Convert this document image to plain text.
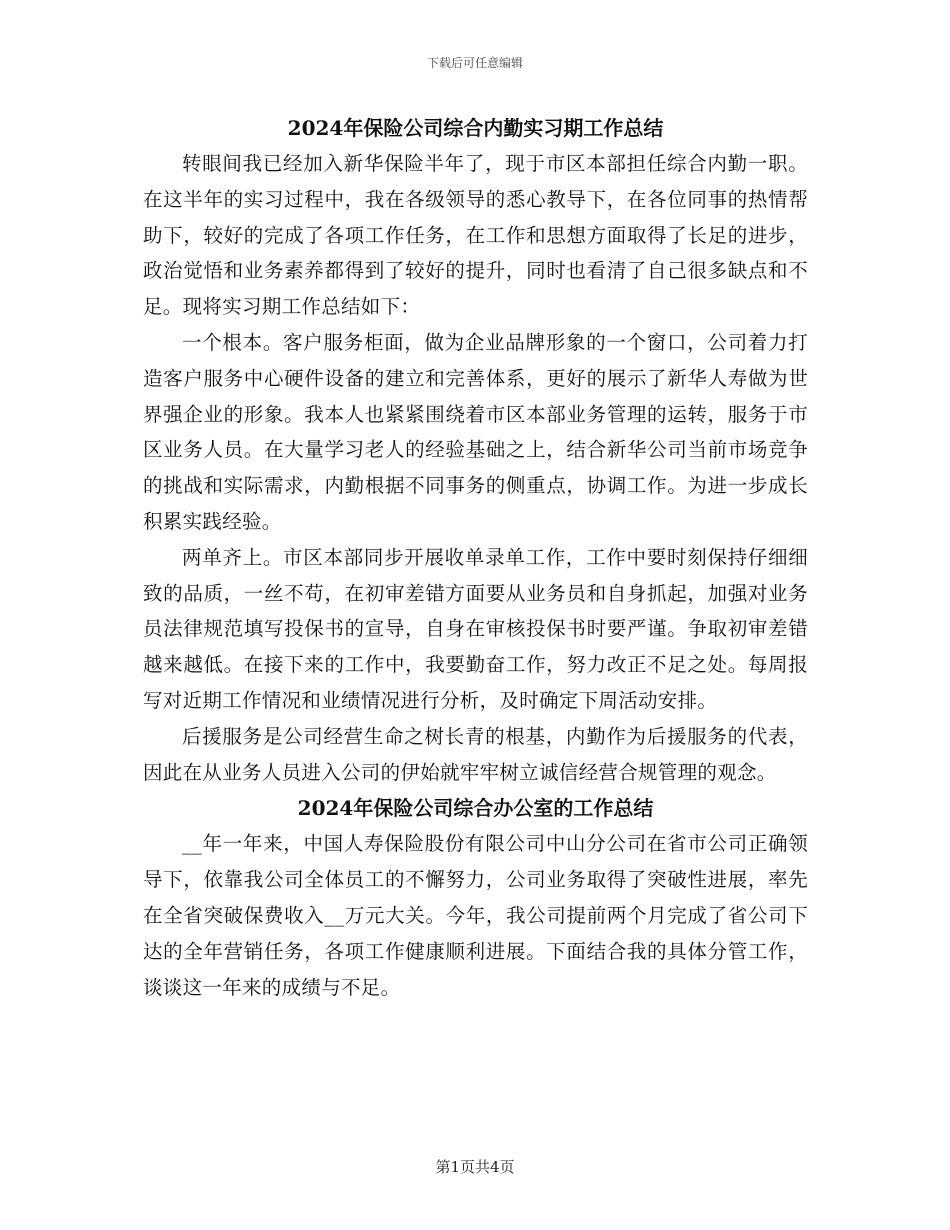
下载后可任意编辑
2024年保险公司综合内勤实习期工作总结

转眼间我已经加入新华保险半年了，现于市区本部担任综合内勤一职。在这半年的实习过程中，我在各级领导的悉心教导下，在各位同事的热情帮助下，较好的完成了各项工作任务，在工作和思想方面取得了长足的进步，政治觉悟和业务素养都得到了较好的提升，同时也看清了自己很多缺点和不足。现将实习期工作总结如下：

一个根本。客户服务柜面，做为企业品牌形象的一个窗口，公司着力打造客户服务中心硬件设备的建立和完善体系，更好的展示了新华人寿做为世界强企业的形象。我本人也紧紧围绕着市区本部业务管理的运转，服务于市区业务人员。在大量学习老人的经验基础之上，结合新华公司当前市场竞争的挑战和实际需求，内勤根据不同事务的侧重点，协调工作。为进一步成长积累实践经验。

两单齐上。市区本部同步开展收单录单工作，工作中要时刻保持仔细细致的品质，一丝不苟，在初审差错方面要从业务员和自身抓起，加强对业务员法律规范填写投保书的宣导，自身在审核投保书时要严谨。争取初审差错越来越低。在接下来的工作中，我要勤奋工作，努力改正不足之处。每周报写对近期工作情况和业绩情况进行分析，及时确定下周活动安排。

后援服务是公司经营生命之树长青的根基，内勤作为后援服务的代表，因此在从业务人员进入公司的伊始就牢牢树立诚信经营合规管理的观念。

2024年保险公司综合办公室的工作总结

__年一年来，中国人寿保险股份有限公司中山分公司在省市公司正确领导下，依靠我公司全体员工的不懈努力，公司业务取得了突破性进展，率先在全省突破保费收入__万元大关。今年，我公司提前两个月完成了省公司下达的全年营销任务，各项工作健康顺利进展。下面结合我的具体分管工作，谈谈这一年来的成绩与不足。

第1页共4页
